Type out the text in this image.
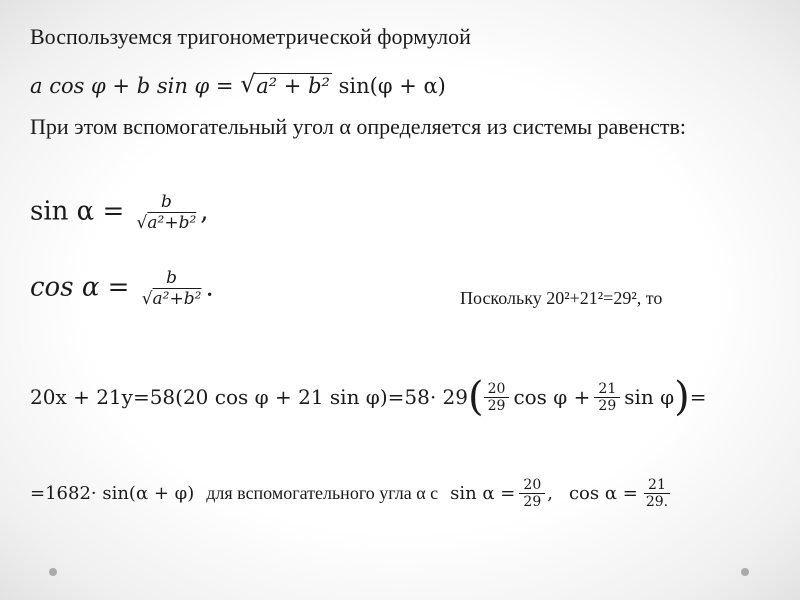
Воспользуемся тригонометрической формулой
a cos φ + b sin φ = √ a² + b² sin(φ + α)
При этом вспомогательный угол α определяется из системы равенств:
$\sin \alpha = \frac{b}{\text{√a²+b²}}$ ,
$\cos \alpha = \frac{b}{\text{√a²+b²}}$ .	Поскольку 20²+21²=29², то
20x + 21y=58(20 cos φ + 21 sin φ)=58· 29 ( $\frac{20}{29}$ $\cos \varphi + \frac{21}{29}$ sin φ ) =
=1682· sin(α + φ) для вспомогательного угла α c $\sin \alpha = \frac{20}{29}$ , $\cos \alpha = \frac{21}{29.}$
